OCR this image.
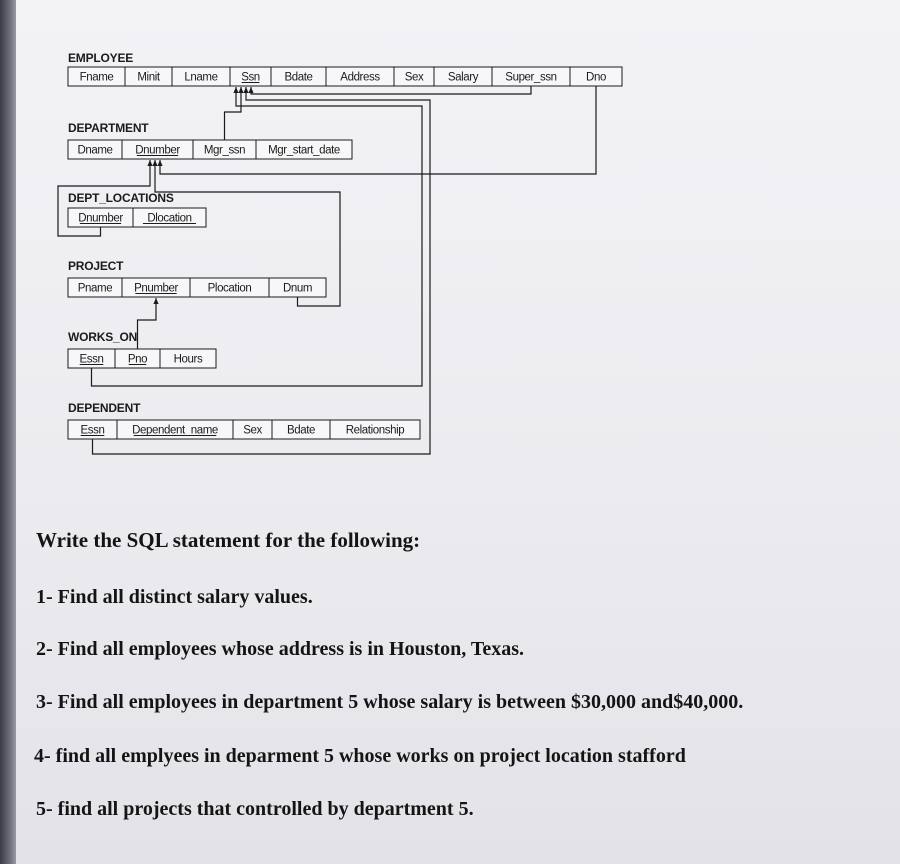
EMPLOYEE
Fname Minit Lname Ssn Bdate Address Sex Salary Super_ssn	Dno
DEPARTMENT
Dname Dnumber Mgr_ssn Mgr_start_date
DEPT_LOCATIONS
Dnumber Dlocation
PROJECT
Pname Pnumber	Plocation	Dnum
WORKS_ON
Essn Pno Hours
DEPENDENT
Essn Dependent_name Sex Bdate	Relationship
Write the SQL statement for the following:
1- Find all distinct salary values.
2- Find all employees whose address is in Houston, Texas.
3- Find all employees in department 5 whose salary is between $30,000 and$40,000.
4- find all emplyees in deparment 5 whose works on project location stafford
5- find all projects that controlled by department 5.
